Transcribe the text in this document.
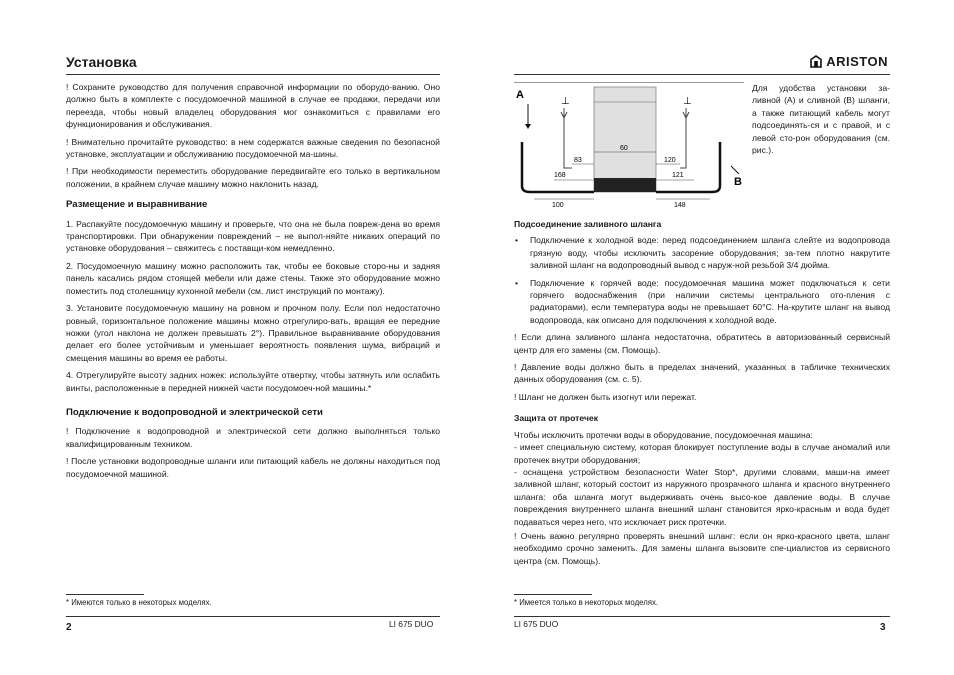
Установка

! Сохраните руководство для получения справочной информации по оборудо-ванию. Оно должно быть в комплекте с посудомоечной машиной в случае ее продажи, передачи или переезда, чтобы новый владелец оборудования мог ознакомиться с правилами его функционирования и обслуживания.

! Внимательно прочитайте руководство: в нем содержатся важные сведения по безопасной установке, эксплуатации и обслуживанию посудомоечной ма-шины.

! При необходимости переместить оборудование передвигайте его только в вертикальном положении, в крайнем случае машину можно наклонить назад.

Размещение и выравнивание

1. Распакуйте посудомоечную машину и проверьте, что она не была повреж-дена во время транспортировки. При обнаружении повреждений – не выпол-няйте никаких операций по установке оборудования – свяжитесь с поставщи-ком немедленно.

2. Посудомоечную машину можно расположить так, чтобы ее боковые сторо-ны и задняя панель касались рядом стоящей мебели или даже стены. Также это оборудование можно поместить под столешницу кухонной мебели (см. лист инструкций по монтажу).

3. Установите посудомоечную машину на ровном и прочном полу. Если пол недостаточно ровный, горизонтальное положение машины можно отрегулиро-вать, вращая ее передние ножки (угол наклона не должен превышать 2°). Правильное выравнивание оборудования делает его более устойчивым и уменьшает вероятность появления шума, вибраций и смещения машины во время ее работы.

4. Отрегулируйте высоту задних ножек: используйте отвертку, чтобы затянуть или ослабить винты, расположенные в передней нижней части посудомоеч-ной машины.*

Подключение к водопроводной и электрической сети

! Подключение к водопроводной и электрической сети должно выполняться только квалифицированным техником.

! После установки водопроводные шланги или питающий кабель не должны находиться под посудомоечной машиной.

* Имеются только в некоторых моделях.
2	LI 675 DUO
ARISTON
⊥	⊥
A
B
60
83	120
168	121
100	148
Для удобства установки за-ливной (А) и сливной (В) шланги, а также питающий кабель могут подсоединять-ся и с правой, и с левой сто-рон оборудования (см. рис.).
Подсоединение заливного шланга
• Подключение к холодной воде: перед подсоединением шланга слейте из водопровода грязную воду, чтобы исключить засорение оборудования; за-тем плотно накрутите заливной шланг на водопроводный вывод с наруж-ной резьбой 3/4 дюйма.
• Подключение к горячей воде: посудомоечная машина может подключаться к сети горячего водоснабжения (при наличии системы центрального ото-пления с радиаторами), если температура воды не превышает 60°С. На-крутите шланг на вывод водопровода, как описано для подключения к холодной воде.

! Если длина заливного шланга недостаточна, обратитесь в авторизованный сервисный центр для его замены (см. Помощь).

! Давление воды должно быть в пределах значений, указанных в табличке технических данных оборудования (см. с. 5).

! Шланг не должен быть изогнут или пережат.

Защита от протечек

Чтобы исключить протечки воды в оборудование, посудомоечная машина:

- имеет специальную систему, которая блокирует поступление воды в случае аномалий или протечек внутри оборудования;

- оснащена устройством безопасности Water Stop*, другими словами, маши-на имеет заливной шланг, который состоит из наружного прозрачного шланга и красного внутреннего шланга: оба шланга могут выдерживать очень высо-кое давление воды. В случае повреждения внутреннего шланга внешний шланг становится ярко-красным и вода будет подаваться через него, что исключает риск протечки.

! Очень важно регулярно проверять внешний шланг: если он ярко-красного цвета, шланг необходимо срочно заменить. Для замены шланга вызовите спе-циалистов из сервисного центра (см. Помощь).

* Имеется только в некоторых моделях.
LI 675 DUO	3
